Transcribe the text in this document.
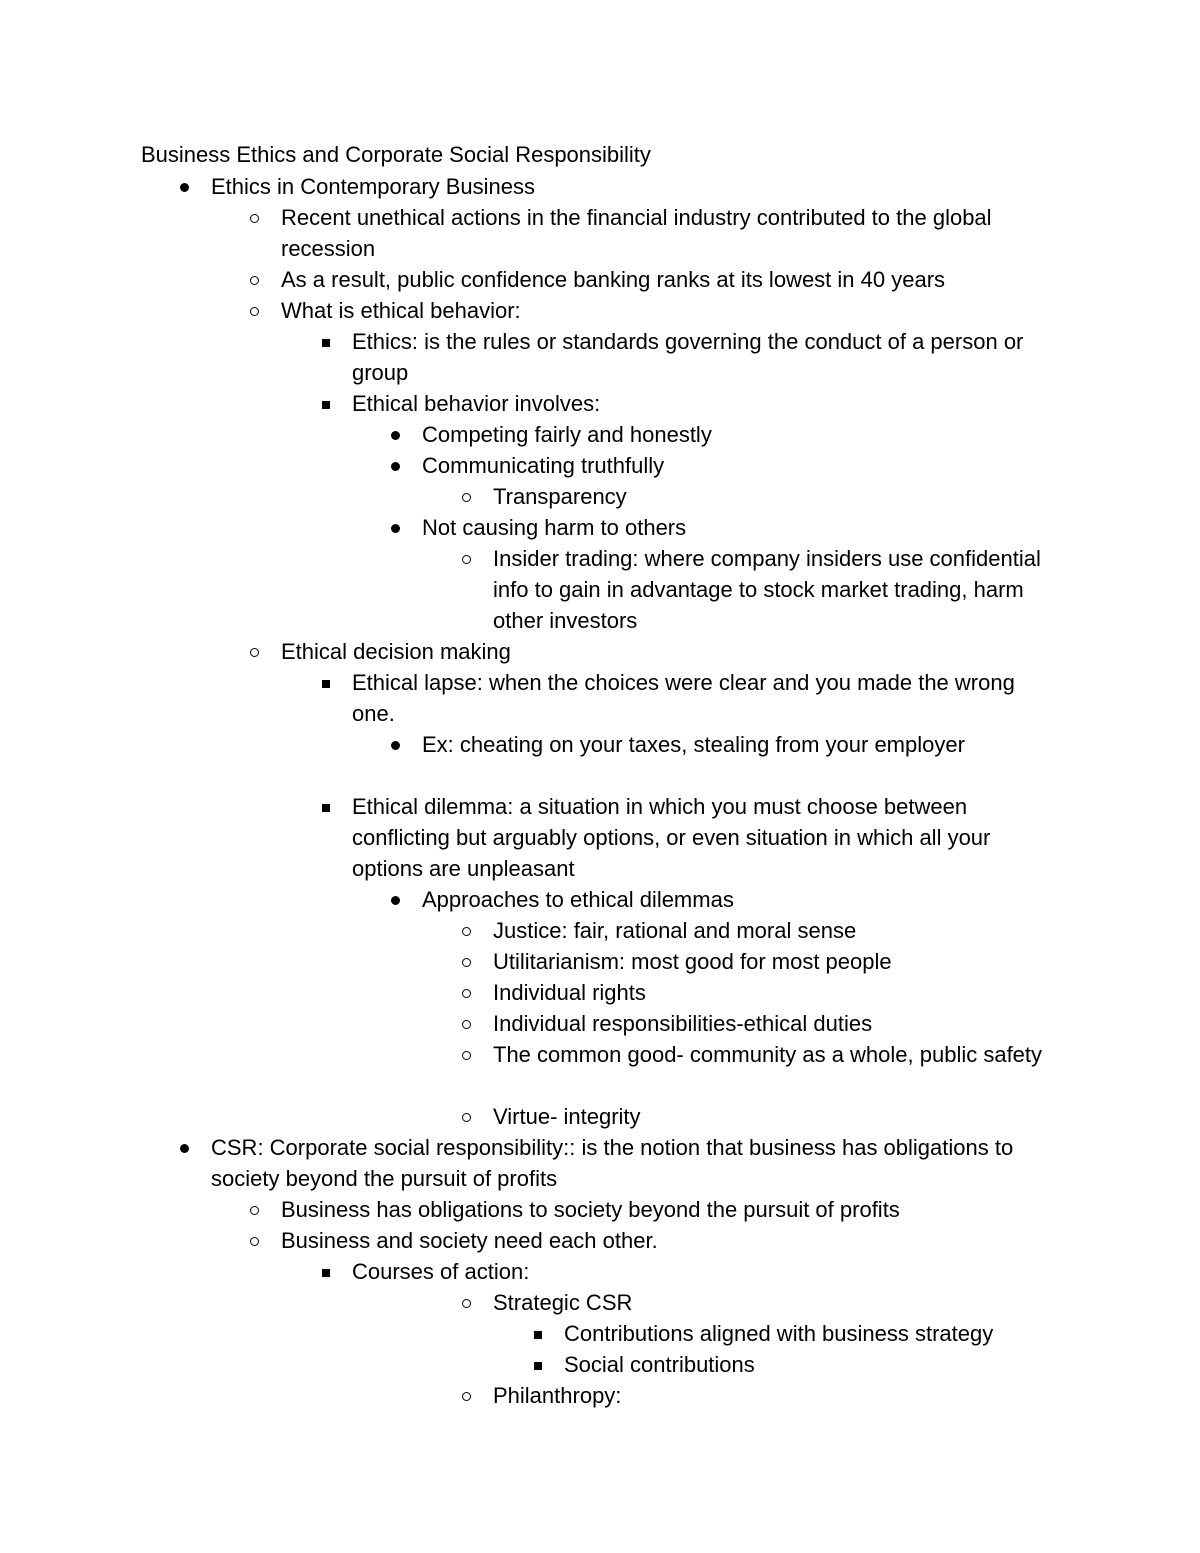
Business Ethics and Corporate Social Responsibility
Ethics in Contemporary Business
Recent unethical actions in the financial industry contributed to the global recession
As a result, public confidence banking ranks at its lowest in 40 years
What is ethical behavior:
Ethics: is the rules or standards governing the conduct of a person or group
Ethical behavior involves:
Competing fairly and honestly
Communicating truthfully
Transparency
Not causing harm to others
Insider trading: where company insiders use confidential info to gain in advantage to stock market trading, harm other investors
Ethical decision making
Ethical lapse: when the choices were clear and you made the wrong one.
Ex: cheating on your taxes, stealing from your employer
Ethical dilemma: a situation in which you must choose between conflicting but arguably options, or even situation in which all your options are unpleasant
Approaches to ethical dilemmas
Justice: fair, rational and moral sense
Utilitarianism: most good for most people
Individual rights
Individual responsibilities-ethical duties
The common good- community as a whole, public safety
Virtue- integrity
CSR: Corporate social responsibility:: is the notion that business has obligations to society beyond the pursuit of profits
Business has obligations to society beyond the pursuit of profits
Business and society need each other.
Courses of action:
Strategic CSR
Contributions aligned with business strategy
Social contributions
Philanthropy:
